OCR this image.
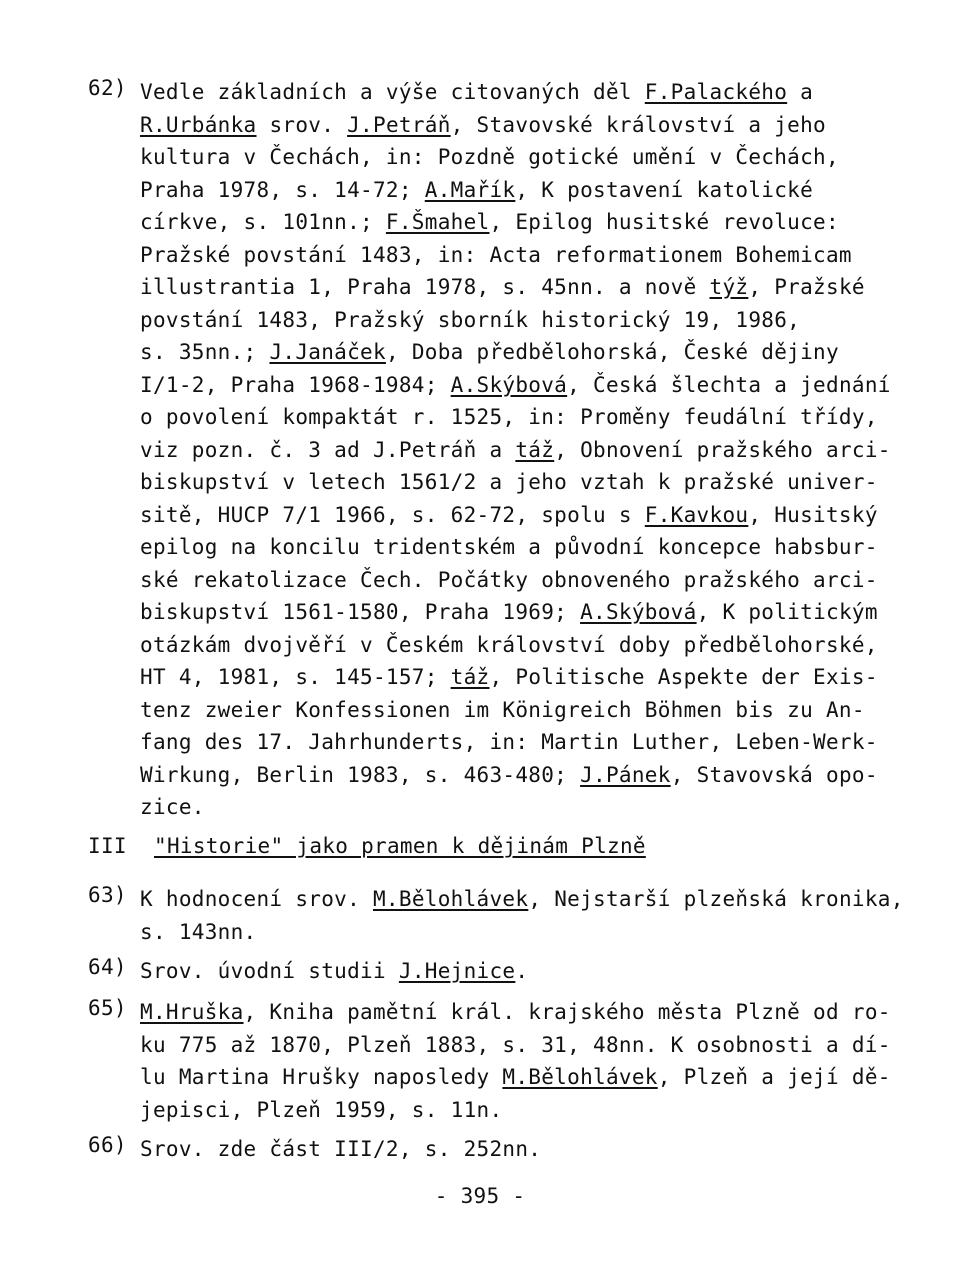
62) Vedle základních a výše citovaných děl F.Palackého a
R.Urbánka srov. J.Petráň, Stavovské království a jeho
kultura v Čechách, in: Pozdně gotické umění v Čechách,
Praha 1978, s. 14-72; A.Mařík, K postavení katolické
církve, s. 101nn.; F.Šmahel, Epilog husitské revoluce:
Pražské povstání 1483, in: Acta reformationem Bohemicam
illustrantia 1, Praha 1978, s. 45nn. a nově týž, Pražské
povstání 1483, Pražský sborník historický 19, 1986,
s. 35nn.; J.Janáček, Doba předbělohorská, České dějiny
I/1-2, Praha 1968-1984; A.Skýbová, Česká šlechta a jednání
o povolení kompaktát r. 1525, in: Proměny feudální třídy,
viz pozn. č. 3 ad J.Petráň a táž, Obnovení pražského arci-
biskupství v letech 1561/2 a jeho vztah k pražské univer-
sitě, HUCP 7/1 1966, s. 62-72, spolu s F.Kavkou, Husitský
epilog na koncilu tridentském a původní koncepce habsbur-
ské rekatolizace Čech. Počátky obnoveného pražského arci-
biskupství 1561-1580, Praha 1969; A.Skýbová, K politickým
otázkám dvojvěří v Českém království doby předbělohorské,
HT 4, 1981, s. 145-157; táž, Politische Aspekte der Exis-
tenz zweier Konfessionen im Königreich Böhmen bis zu An-
fang des 17. Jahrhunderts, in: Martin Luther, Leben-Werk-
Wirkung, Berlin 1983, s. 463-480; J.Pánek, Stavovská opo-
zice.
63) K hodnocení srov. M.Bělohlávek, Nejstarší plzeňská kronika,
s. 143nn.
64) Srov. úvodní studii J.Hejnice.
65) M.Hruška, Kniha pamětní král. krajského města Plzně od ro-
ku 775 až 1870, Plzeň 1883, s. 31, 48nn. K osobnosti a dí-
lu Martina Hrušky naposledy M.Bělohlávek, Plzeň a její dě-
jepisci, Plzeň 1959, s. 11n.
66) Srov. zde část III/2, s. 252nn.
III "Historie" jako pramen k dějinám Plzně
- 395 -
